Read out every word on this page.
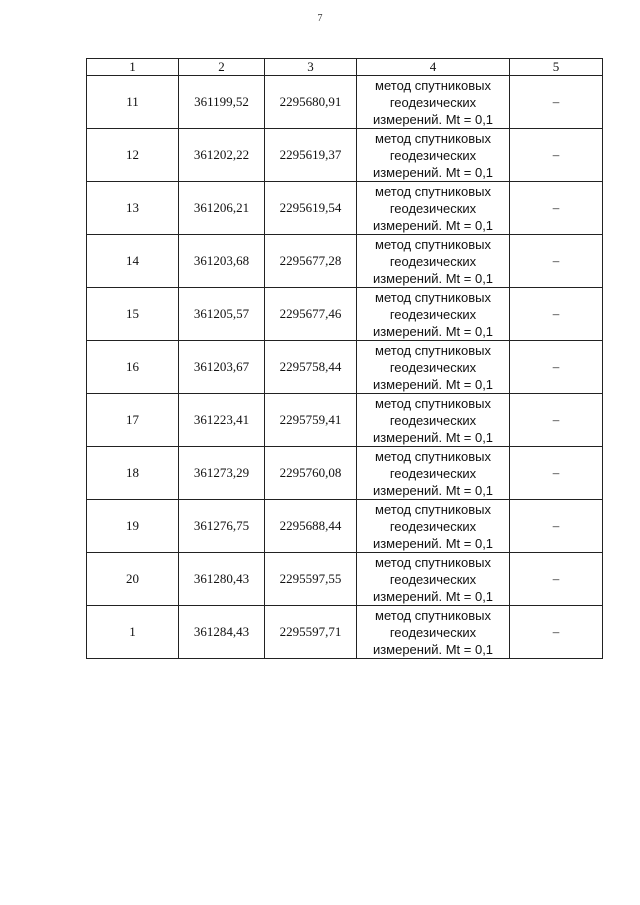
7
1	2	3	4	5
11	361199,52	2295680,91	метод спутниковых
геодезических
измерений. Mt = 0,1	–
12	361202,22	2295619,37	метод спутниковых
геодезических
измерений. Mt = 0,1	–
13	361206,21	2295619,54	метод спутниковых
геодезических
измерений. Mt = 0,1	–
14	361203,68	2295677,28	метод спутниковых
геодезических
измерений. Mt = 0,1	–
15	361205,57	2295677,46	метод спутниковых
геодезических
измерений. Mt = 0,1	–
16	361203,67	2295758,44	метод спутниковых
геодезических
измерений. Mt = 0,1	–
17	361223,41	2295759,41	метод спутниковых
геодезических
измерений. Mt = 0,1	–
18	361273,29	2295760,08	метод спутниковых
геодезических
измерений. Mt = 0,1	–
19	361276,75	2295688,44	метод спутниковых
геодезических
измерений. Mt = 0,1	–
20	361280,43	2295597,55	метод спутниковых
геодезических
измерений. Mt = 0,1	–
1	361284,43	2295597,71	метод спутниковых
геодезических
измерений. Mt = 0,1	–
